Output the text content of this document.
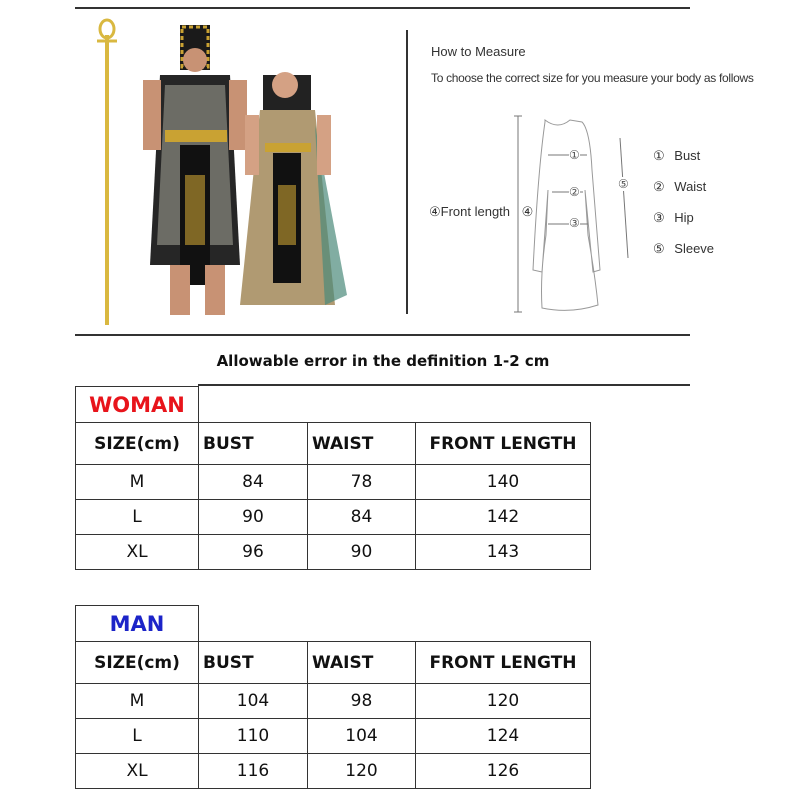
How to Measure
To choose the correct size for you measure your body as follows
④Front length ④
①
②
③
⑤
① Bust
② Waist
③ Hip
⑤ Sleeve
Allowable error in the definition 1-2 cm
WOMAN			
SIZE(cm)	BUST	WAIST	FRONT LENGTH
M	84	78	140
L	90	84	142
XL	96	90	143
MAN			
SIZE(cm)	BUST	WAIST	FRONT LENGTH
M	104	98	120
L	110	104	124
XL	116	120	126
